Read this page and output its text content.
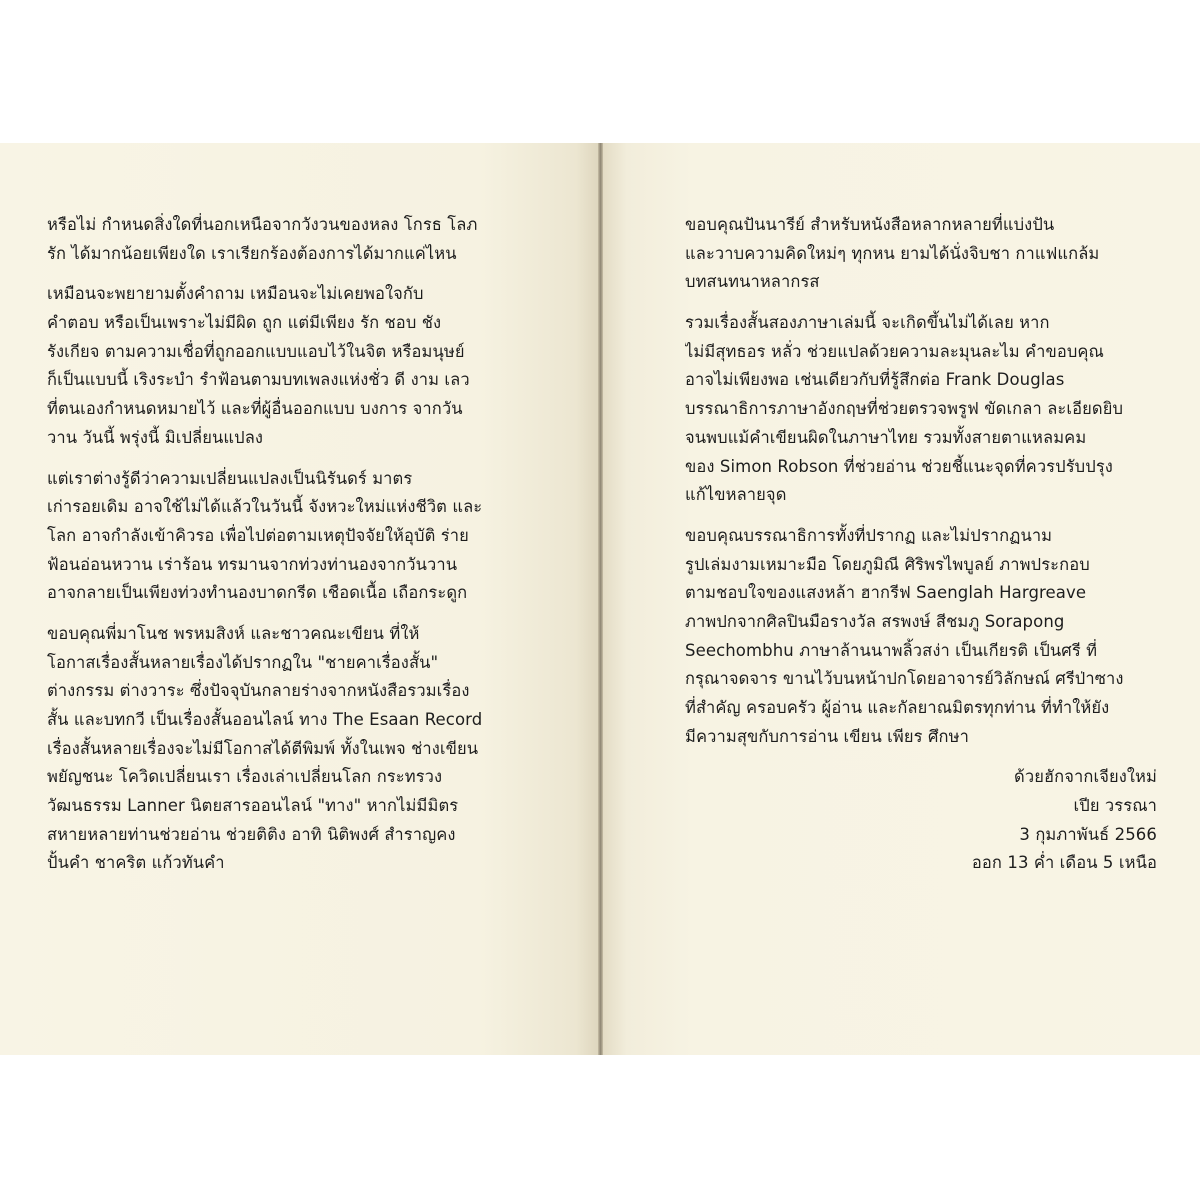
หรือไม่ กำหนดสิ่งใดที่นอกเหนือจากวังวนของหลง โกรธ โลภ
รัก ได้มากน้อยเพียงใด เราเรียกร้องต้องการได้มากแค่ไหน
เหมือนจะพยายามตั้งคำถาม เหมือนจะไม่เคยพอใจกับ
คำตอบ หรือเป็นเพราะไม่มีผิด ถูก แต่มีเพียง รัก ชอบ ชัง
รังเกียจ ตามความเชื่อที่ถูกออกแบบแอบไว้ในจิต หรือมนุษย์
ก็เป็นแบบนี้ เริงระบำ รำฟ้อนตามบทเพลงแห่งชั่ว ดี งาม เลว
ที่ตนเองกำหนดหมายไว้ และที่ผู้อื่นออกแบบ บงการ จากวัน
วาน วันนี้ พรุ่งนี้ มิเปลี่ยนแปลง
แต่เราต่างรู้ดีว่าความเปลี่ยนแปลงเป็นนิรันดร์ มาตร
เก่ารอยเดิม อาจใช้ไม่ได้แล้วในวันนี้ จังหวะใหม่แห่งชีวิต และ
โลก อาจกำลังเข้าคิวรอ เพื่อไปต่อตามเหตุปัจจัยให้อุบัติ ร่าย
ฟ้อนอ่อนหวาน เร่าร้อน ทรมานจากท่วงท่านองจากวันวาน
อาจกลายเป็นเพียงท่วงทำนองบาดกรีด เชือดเนื้อ เถือกระดูก
ขอบคุณพี่มาโนช พรหมสิงห์ และชาวคณะเขียน ที่ให้
โอกาสเรื่องสั้นหลายเรื่องได้ปรากฏใน "ชายคาเรื่องสั้น"
ต่างกรรม ต่างวาระ ซึ่งปัจจุบันกลายร่างจากหนังสือรวมเรื่อง
สั้น และบทกวี เป็นเรื่องสั้นออนไลน์ ทาง The Esaan Record
เรื่องสั้นหลายเรื่องจะไม่มีโอกาสได้ตีพิมพ์ ทั้งในเพจ ช่างเขียน
พยัญชนะ โควิดเปลี่ยนเรา เรื่องเล่าเปลี่ยนโลก กระทรวง
วัฒนธรรม Lanner นิตยสารออนไลน์ "ทาง" หากไม่มีมิตร
สหายหลายท่านช่วยอ่าน ช่วยติติง อาทิ นิติพงศ์ สำราญคง
ปั้นคำ ชาคริต แก้วทันคำ
ขอบคุณปันนารีย์ สำหรับหนังสือหลากหลายที่แบ่งปัน
และวาบความคิดใหม่ๆ ทุกหน ยามได้นั่งจิบชา กาแฟแกล้ม
บทสนทนาหลากรส
รวมเรื่องสั้นสองภาษาเล่มนี้ จะเกิดขึ้นไม่ได้เลย หาก
ไม่มีสุทธอร หลั่ว ช่วยแปลด้วยความละมุนละไม คำขอบคุณ
อาจไม่เพียงพอ เช่นเดียวกับที่รู้สึกต่อ Frank Douglas
บรรณาธิการภาษาอังกฤษที่ช่วยตรวจพรูฟ ขัดเกลา ละเอียดยิบ
จนพบแม้คำเขียนผิดในภาษาไทย รวมทั้งสายตาแหลมคม
ของ Simon Robson ที่ช่วยอ่าน ช่วยชี้แนะจุดที่ควรปรับปรุง
แก้ไขหลายจุด
ขอบคุณบรรณาธิการทั้งที่ปรากฏ และไม่ปรากฏนาม
รูปเล่มงามเหมาะมือ โดยภูมิณี ศิริพรไพบูลย์ ภาพประกอบ
ตามชอบใจของแสงหล้า ฮากรีฟ Saenglah Hargreave
ภาพปกจากศิลปินมือรางวัล สรพงษ์ สีชมภู Sorapong
Seechombhu ภาษาล้านนาพลิ้วสง่า เป็นเกียรติ เป็นศรี ที่
กรุณาจดจาร ขานไว้บนหน้าปกโดยอาจารย์วิลักษณ์ ศรีป่าซาง
ที่สำคัญ ครอบครัว ผู้อ่าน และกัลยาณมิตรทุกท่าน ที่ทำให้ยัง
มีความสุขกับการอ่าน เขียน เพียร ศึกษา
ด้วยฮักจากเจียงใหม่
เปีย วรรณา
3 กุมภาพันธ์ 2566
ออก 13 ค่ำ เดือน 5 เหนือ
